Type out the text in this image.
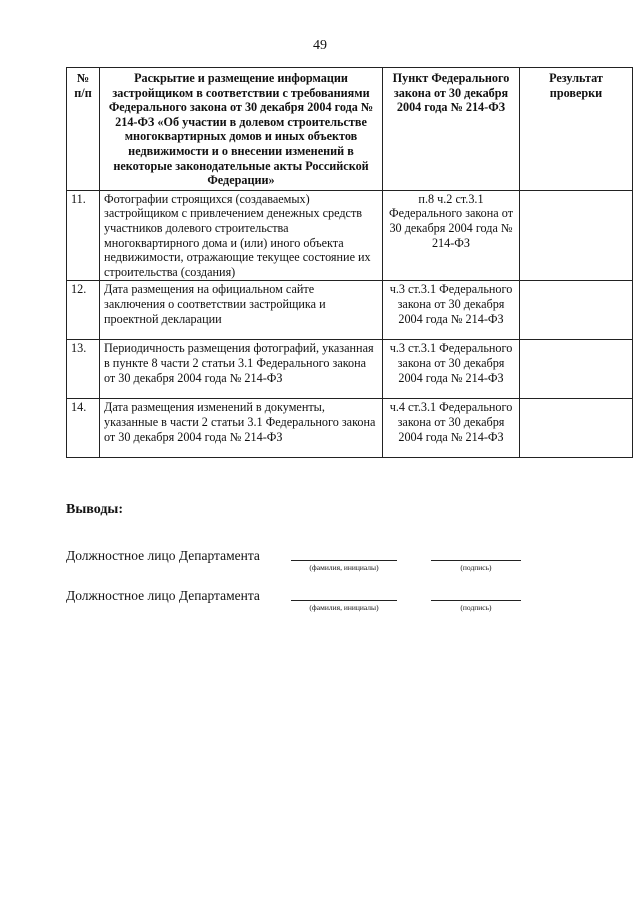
49
№ п/п	Раскрытие и размещение информации застройщиком в соответствии с требованиями Федерального закона от 30 декабря 2004 года № 214-ФЗ «Об участии в долевом строительстве многоквартирных домов и иных объектов недвижимости и о внесении изменений в некоторые законодательные акты Российской Федерации»	Пункт Федерального закона от 30 декабря 2004 года № 214-ФЗ	Результат проверки
11.	Фотографии строящихся (создаваемых) застройщиком с привлечением денежных средств участников долевого строительства многоквартирного дома и (или) иного объекта недвижимости, отражающие текущее состояние их строительства (создания)	п.8 ч.2 ст.3.1 Федерального закона от 30 декабря 2004 года № 214-ФЗ	
12.	Дата размещения на официальном сайте заключения о соответствии застройщика и проектной декларации	ч.3 ст.3.1 Федерального закона от 30 декабря 2004 года № 214-ФЗ	
13.	Периодичность размещения фотографий, указанная в пункте 8 части 2 статьи 3.1 Федерального закона от 30 декабря 2004 года № 214-ФЗ	ч.3 ст.3.1 Федерального закона от 30 декабря 2004 года № 214-ФЗ	
14.	Дата размещения изменений в документы, указанные в части 2 статьи 3.1 Федерального закона от 30 декабря 2004 года № 214-ФЗ	ч.4 ст.3.1 Федерального закона от 30 декабря 2004 года № 214-ФЗ	
Выводы:
Должностное лицо Департамента
(фамилия, инициалы)	(подпись)
Должностное лицо Департамента
(фамилия, инициалы)	(подпись)
